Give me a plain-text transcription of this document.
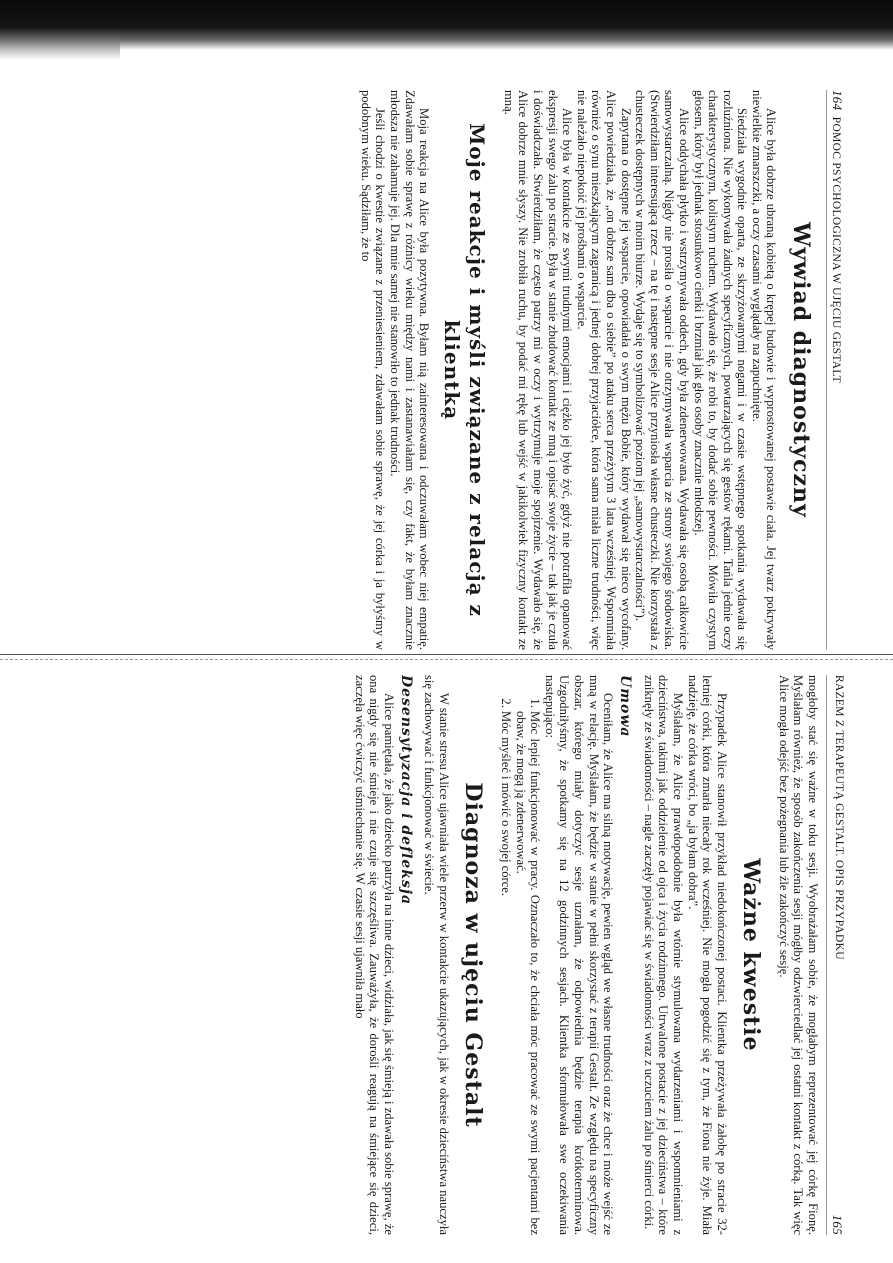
164  POMOC PSYCHOLOGICZNA W UJĘCIU GESTALT
Wywiad diagnostyczny

Alice była dobrze ubraną kobietą o krępej budowie i wyprostowanej postawie ciała. Jej twarz pokrywały niewielkie zmarszczki, a oczy czasami wyglądały na zapuchnięte.

Siedziała wygodnie oparta, ze skrzyżowanymi nogami i w czasie wstępnego spotkania wydawała się rozluźniona. Nie wykonywała żadnych specyficznych, powtarzających się gestów rękami. Tańla jednie oczy charakterystycznym, kolistym ruchem. Wydawało się, że robi to, by dodać sobie pewności. Mówiła czystym głosem, który był jednak stosunkowo cienki i brzmiał jak głos osoby znacznie młodszej.

Alice oddychała płytko i wstrzymywała oddech, gdy była zdenerwowana. Wydawała się osobą całkowicie samowystarczalną. Nigdy nie prosiła o wsparcie i nie otrzymywała wsparcia ze strony swojego środowiska. (Stwierdziłam interesującą rzecz – na tę i następne sesje Alice przyniosła własne chusteczki. Nie korzystała z chusteczek dostępnych w moim biurze. Wydaje się to symbolizować poziom jej „samowystarczalności”).

Zapytana o dostępne jej wsparcie, opowiadała o swym mężu Bobie, który wydawał się nieco wycofany. Alice powiedziała, że „on dobrze sam dba o siebie” po ataku serca przeżytym 3 lata wcześniej. Wspomniała również o synu mieszkającym zagranicą i jednej dobrej przyjaciółce, która sama miała liczne trudności, więc nie należało niepokoić jej prośbami o wsparcie.

Alice była w kontakcie ze swymi trudnymi emocjami i ciężko jej było żyć, gdyż nie potrafiła opanować ekspresji swego żalu po stracie. Była w stanie zbudować kontakt ze mną i opisać swoje życie – tak jak je czuła i doświadczała. Stwierdziłam, że często patrzy mi w oczy i wytrzymuje moje spojrzenie. Wydawało się, że Alice dobrze mnie słyszy. Nie zrobiła ruchu, by podać mi rękę lub wejść w jakikolwiek fizyczny kontakt ze mną.

Moje reakcje i myśli związane z relacją z klientką

Moja reakcja na Alice była pozytywna. Byłam nią zainteresowana i odczuwałam wobec niej empatię. Zdawałam sobie sprawę z różnicy wieku między nami i zastanawiałam się, czy fakt, że byłam znacznie młodsza nie zahamuje jej. Dla mnie samej nie stanowiło to jednak trudności.

Jeśli chodzi o kwestie związane z przeniesieniem, zdawałam sobie sprawę, że jej córka i ja byłyśmy w podobnym wieku. Sądziłam, że to

RAZEM Z TERAPEUTĄ GESTALT. OPIS PRZYPADKU
165

mogłoby stać się ważne w toku sesji. Wyobrażałam sobie, że mogłabym reprezentować jej córkę Fionę. Myślałam również, że sposób zakończenia sesji mógłby odzwierciedlać jej ostatni kontakt z córką. Tak więc Alice mogła odejść bez pożegnania lub źle zakończyć sesję.

Ważne kwestie

Przypadek Alice stanowił przykład niedokończonej postaci. Klientka przeżywała żałobę po stracie 32-letniej córki, która zmarła niecały rok wcześniej. Nie mogła pogodzić się z tym, że Fiona nie żyje. Miała nadzieję, że córka wróci, bo „ja byłam dobra”.

Myślałam, że Alice prawdopodobnie była wtórnie stymulowana wydarzeniami i wspomnieniami z dzieciństwa, takimi jak oddzielenie od ojca i życia rodzinnego. Utrwalone postacie z jej dzieciństwa – które zniknęły ze świadomości – nagle zaczęły pojawiać się w świadomości wraz z uczuciem żalu po śmierci córki.

Umowa

Oceniłam, że Alice ma silną motywację, pewien wgląd we własne trudności oraz że chce i może wejść ze mną w relację. Myślałam, że będzie w stanie w pełni skorzystać z terapii Gestalt. Ze względu na specyficzny obszar, którego miały dotyczyć sesje uznałam, że odpowiednia będzie terapia krótkoterminowa. Uzgodniłyśmy, że spotkamy się na 12 godzinnych sesjach. Klientka sformułowała swe oczekiwania następująco:

1. Móc lepiej funkcjonować w pracy. Oznaczało to, że chciała móc pracować ze swymi pacjentami bez obaw, że mogą ją zdenerwować.
2. Móc myśleć i mówić o swojej córce.
Diagnoza w ujęciu Gestalt

W stanie stresu Alice ujawniała wiele przerw w kontakcie ukazujących, jak w okresie dzieciństwa nauczyła się zachowywać i funkcjonować w świecie.

Desensytyzacja i defleksja

Alice pamiętała, że jako dziecko patrzyła na inne dzieci, widziała, jak się śmieją i zdawała sobie sprawę, że ona nigdy się nie śmieje i nie czuje się szczęśliwa. Zauważyła, że dorośli reagują na śmiejące się dzieci, zaczęła więc ćwiczyć uśmiechanie się. W czasie sesji ujawniła mało
